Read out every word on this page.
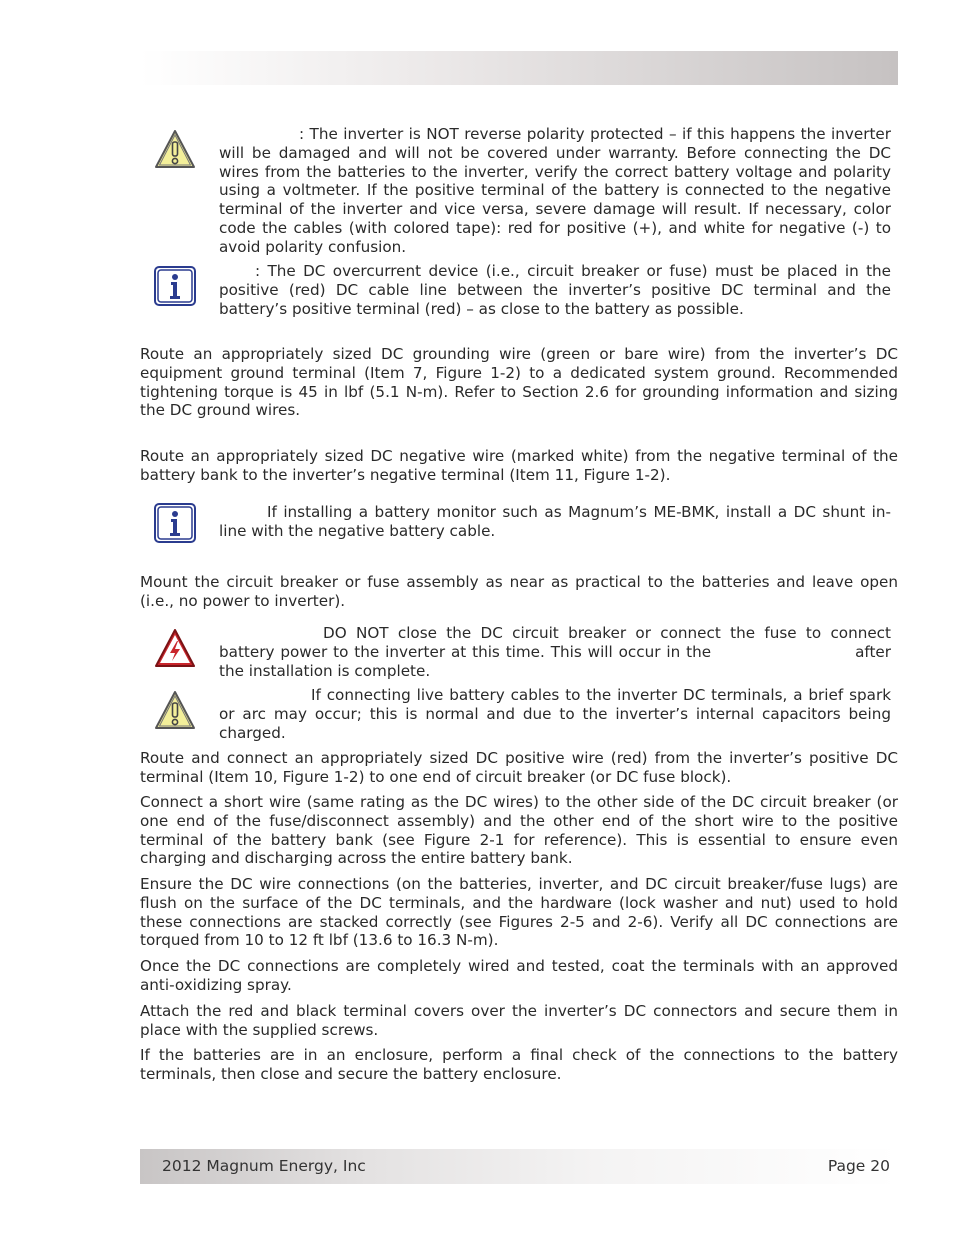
: The inverter is NOT reverse polarity protected – if this happens the inverter will be damaged and will not be covered under warranty. Before connecting the DC wires from the batteries to the inverter, verify the correct battery voltage and polarity using a voltmeter. If the positive terminal of the battery is connected to the negative terminal of the inverter and vice versa, severe damage will result. If necessary, color code the cables (with colored tape): red for positive (+), and white for negative (-) to avoid polarity confusion.

: The DC overcurrent device (i.e., circuit breaker or fuse) must be placed in the positive (red) DC cable line between the inverter’s positive DC terminal and the battery’s positive terminal (red) – as close to the battery as possible.

Route an appropriately sized DC grounding wire (green or bare wire) from the inverter’s DC equipment ground terminal (Item 7, Figure 1-2) to a dedicated system ground. Recommended tightening torque is 45 in lbf (5.1 N-m). Refer to Section 2.6 for grounding information and sizing the DC ground wires.

Route an appropriately sized DC negative wire (marked white) from the negative terminal of the battery bank to the inverter’s negative terminal (Item 11, Figure 1-2).

If installing a battery monitor such as Magnum’s ME-BMK, install a DC shunt in-line with the negative battery cable.

Mount the circuit breaker or fuse assembly as near as practical to the batteries and leave open (i.e., no power to inverter).

DO NOT close the DC circuit breaker or connect the fuse to connect battery power to the inverter at this time. This will occur in the	after the installation is complete.

If connecting live battery cables to the inverter DC terminals, a brief spark or arc may occur; this is normal and due to the inverter’s internal capacitors being charged.

Route and connect an appropriately sized DC positive wire (red) from the inverter’s positive DC terminal (Item 10, Figure 1-2) to one end of circuit breaker (or DC fuse block).

Connect a short wire (same rating as the DC wires) to the other side of the DC circuit breaker (or one end of the fuse/disconnect assembly) and the other end of the short wire to the positive terminal of the battery bank (see Figure 2-1 for reference). This is essential to ensure even charging and discharging across the entire battery bank.

Ensure the DC wire connections (on the batteries, inverter, and DC circuit breaker/fuse lugs) are flush on the surface of the DC terminals, and the hardware (lock washer and nut) used to hold these connections are stacked correctly (see Figures 2-5 and 2-6). Verify all DC connections are torqued from 10 to 12 ft lbf (13.6 to 16.3 N-m).

Once the DC connections are completely wired and tested, coat the terminals with an approved anti-oxidizing spray.

Attach the red and black terminal covers over the inverter’s DC connectors and secure them in place with the supplied screws.

If the batteries are in an enclosure, perform a final check of the connections to the battery terminals, then close and secure the battery enclosure.

2012 Magnum Energy, Inc	Page 20
